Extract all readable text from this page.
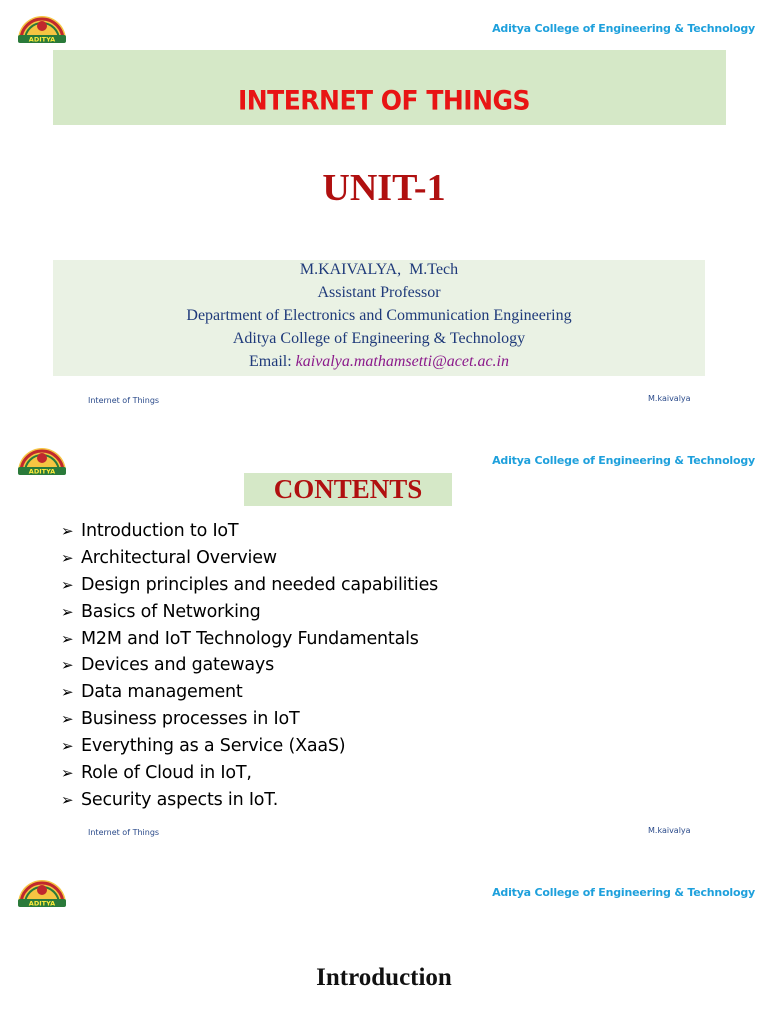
ADITYA
Aditya College of Engineering & Technology
INTERNET OF THINGS
UNIT-1
M.KAIVALYA,  M.Tech
Assistant Professor
Department of Electronics and Communication Engineering
Aditya College of Engineering & Technology
Email: kaivalya.mathamsetti@acet.ac.in
Internet of Things	M.kaivalya
ADITYA
Aditya College of Engineering & Technology
CONTENTS
➢ Introduction to IoT
➢ Architectural Overview
➢ Design principles and needed capabilities
➢ Basics of Networking
➢ M2M and IoT Technology Fundamentals
➢ Devices and gateways
➢ Data management
➢ Business processes in IoT
➢ Everything as a Service (XaaS)
➢ Role of Cloud in IoT,
➢ Security aspects in IoT.
Internet of Things	M.kaivalya
ADITYA
Aditya College of Engineering & Technology
Introduction
